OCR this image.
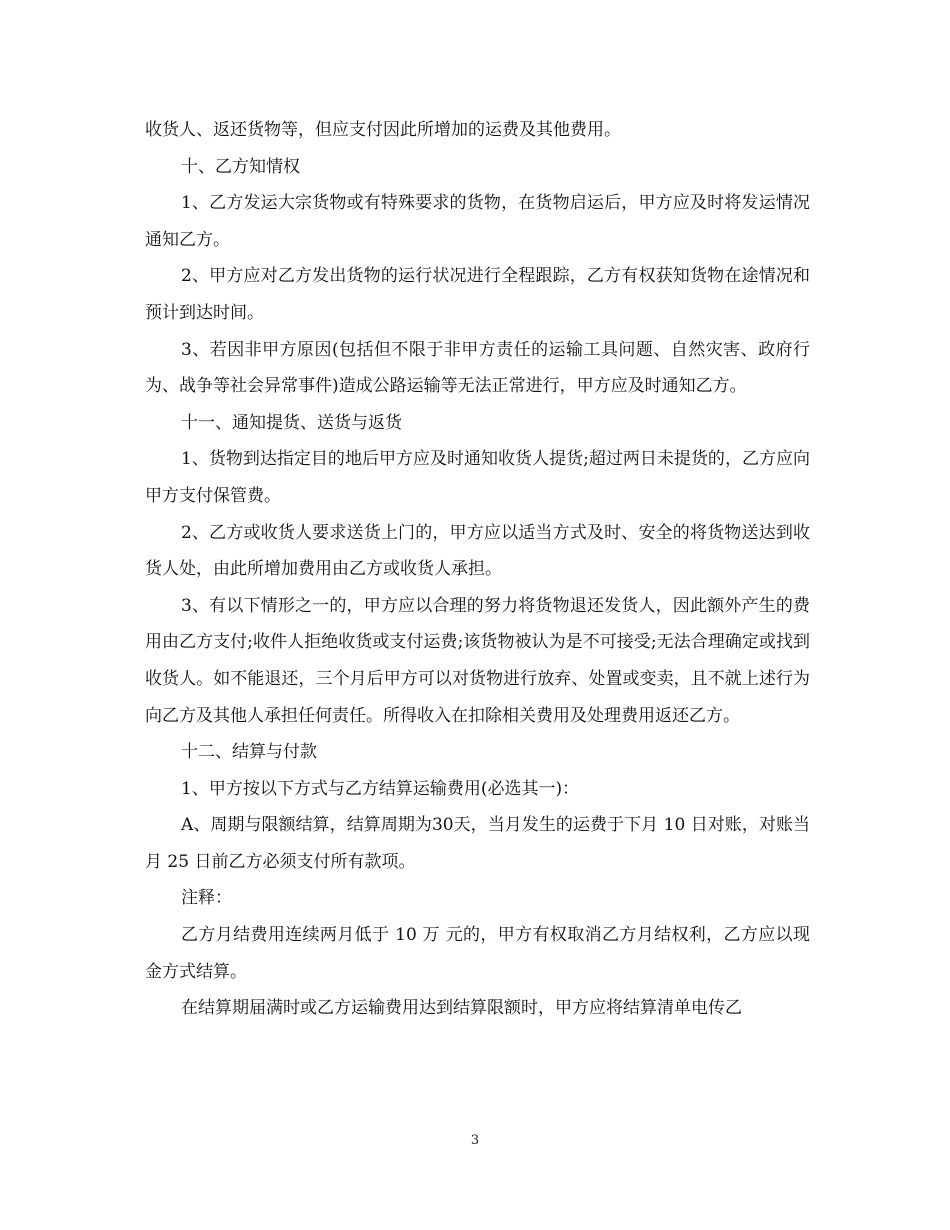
收货人、返还货物等，但应支付因此所增加的运费及其他费用。

十、乙方知情权

1、乙方发运大宗货物或有特殊要求的货物，在货物启运后，甲方应及时将发运情况通知乙方。

2、甲方应对乙方发出货物的运行状况进行全程跟踪，乙方有权获知货物在途情况和预计到达时间。

3、若因非甲方原因(包括但不限于非甲方责任的运输工具问题、自然灾害、政府行为、战争等社会异常事件)造成公路运输等无法正常进行，甲方应及时通知乙方。

十一、通知提货、送货与返货

1、货物到达指定目的地后甲方应及时通知收货人提货;超过两日未提货的，乙方应向甲方支付保管费。

2、乙方或收货人要求送货上门的，甲方应以适当方式及时、安全的将货物送达到收货人处，由此所增加费用由乙方或收货人承担。

3、有以下情形之一的，甲方应以合理的努力将货物退还发货人，因此额外产生的费用由乙方支付;收件人拒绝收货或支付运费;该货物被认为是不可接受;无法合理确定或找到收货人。如不能退还，三个月后甲方可以对货物进行放弃、处置或变卖，且不就上述行为向乙方及其他人承担任何责任。所得收入在扣除相关费用及处理费用返还乙方。

十二、结算与付款

1、甲方按以下方式与乙方结算运输费用(必选其一)：

A、周期与限额结算，结算周期为30天，当月发生的运费于下月 10 日对账，对账当月 25 日前乙方必须支付所有款项。

注释：

乙方月结费用连续两月低于 10 万 元的，甲方有权取消乙方月结权利，乙方应以现金方式结算。

在结算期届满时或乙方运输费用达到结算限额时，甲方应将结算清单电传乙

3
